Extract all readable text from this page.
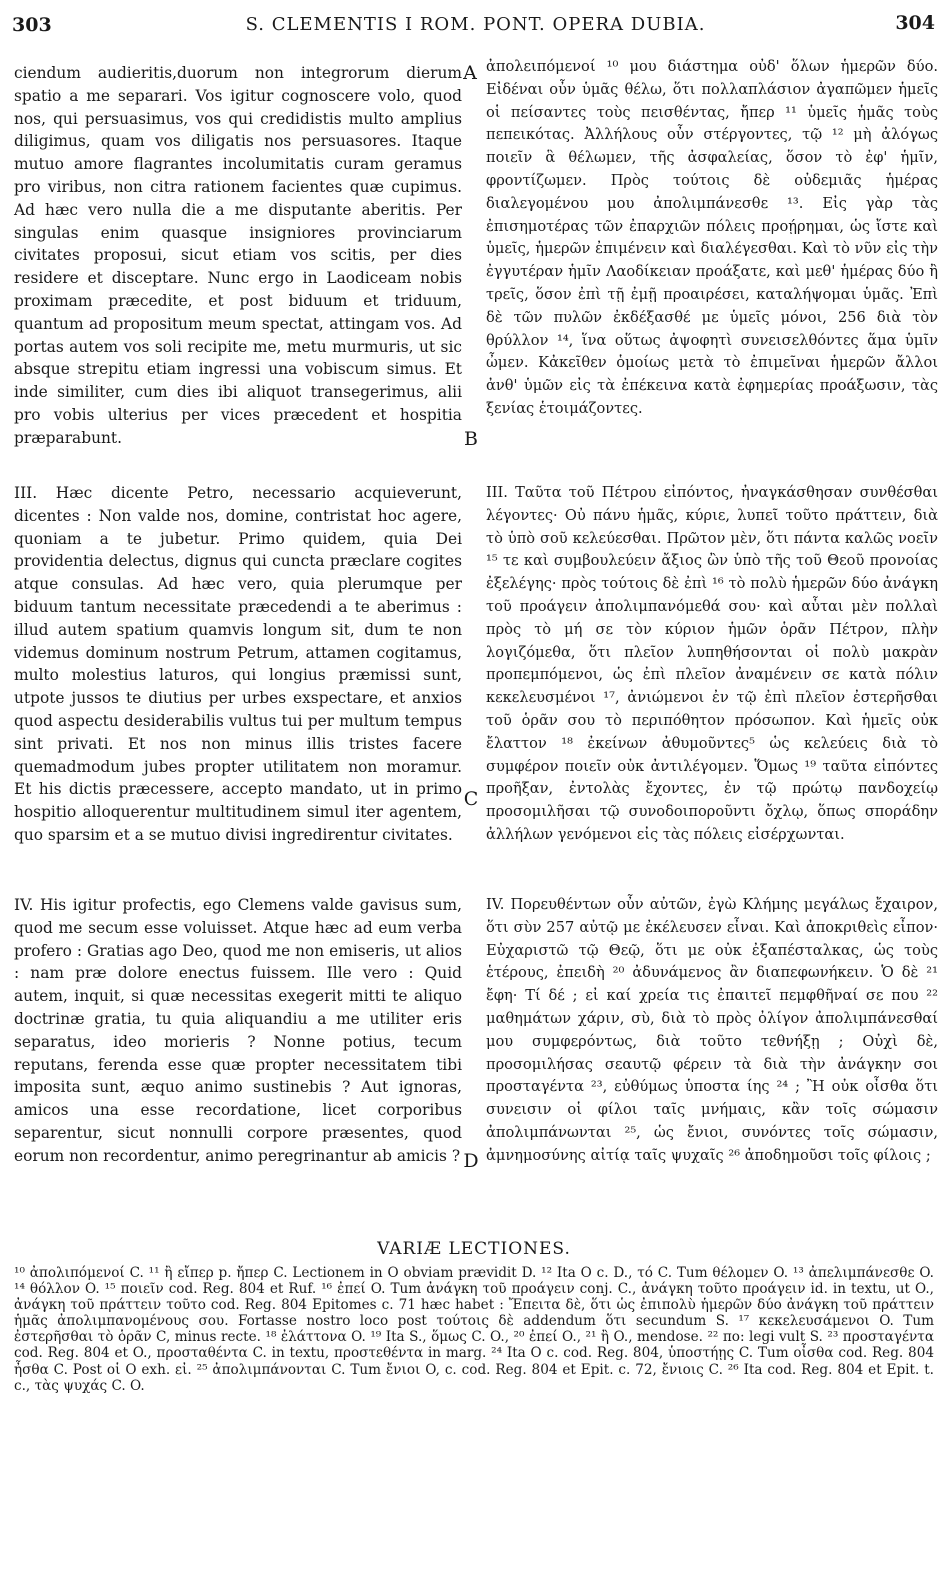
303	S. CLEMENTIS I ROM. PONT. OPERA DUBIA.	304

ciendum audieritis,duorum non integrorum dierum spatio a me separari. Vos igitur cognoscere volo, quod nos, qui persuasimus, vos qui credidistis multo amplius diligimus, quam vos diligatis nos persuasores. Itaque mutuo amore flagrantes incolumitatis curam geramus pro viribus, non citra rationem facientes quæ cupimus. Ad hæc vero nulla die a me disputante aberitis. Per singulas enim quasque insigniores provinciarum civitates proposui, sicut etiam vos scitis, per dies residere et disceptare. Nunc ergo in Laodiceam nobis proximam præcedite, et post biduum et triduum, quantum ad propositum meum spectat, attingam vos. Ad portas autem vos soli recipite me, metu murmuris, ut sic absque strepitu etiam ingressi una vobiscum simus. Et inde similiter, cum dies ibi aliquot transegerimus, alii pro vobis ulterius per vices præcedent et hospitia præparabunt.

III. Hæc dicente Petro, necessario acquieverunt, dicentes : Non valde nos, domine, contristat hoc agere, quoniam a te jubetur. Primo quidem, quia Dei providentia delectus, dignus qui cuncta præclare cogites atque consulas. Ad hæc vero, quia plerumque per biduum tantum necessitate præcedendi a te aberimus : illud autem spatium quamvis longum sit, dum te non videmus dominum nostrum Petrum, attamen cogitamus, multo molestius laturos, qui longius præmissi sunt, utpote jussos te diutius per urbes exspectare, et anxios quod aspectu desiderabilis vultus tui per multum tempus sint privati. Et nos non minus illis tristes facere quemadmodum jubes propter utilitatem non moramur. Et his dictis præcessere, accepto mandato, ut in primo hospitio alloquerentur multitudinem simul iter agentem, quo sparsim et a se mutuo divisi ingredirentur civitates.

IV. His igitur profectis, ego Clemens valde gavisus sum, quod me secum esse voluisset. Atque hæc ad eum verba profero : Gratias ago Deo, quod me non emiseris, ut alios : nam præ dolore enectus fuissem. Ille vero : Quid autem, inquit, si quæ necessitas exegerit mitti te aliquo doctrinæ gratia, tu quia aliquandiu a me utiliter eris separatus, ideo morieris ? Nonne potius, tecum reputans, ferenda esse quæ propter necessitatem tibi imposita sunt, æquo animo sustinebis ? Aut ignoras, amicos una esse recordatione, licet corporibus separentur, sicut nonnulli corpore præsentes, quod eorum non recordentur, animo peregrinantur ab amicis ?

A
B
C
D

ἀπολειπόμενοί ¹⁰ μου διάστημα οὐδ' ὅλων ἡμερῶν δύο. Εἰδέναι οὖν ὑμᾶς θέλω, ὅτι πολλαπλάσιον ἀγαπῶμεν ἡμεῖς οἱ πείσαντες τοὺς πεισθέντας, ἤπερ ¹¹ ὑμεῖς ἡμᾶς τοὺς πεπεικότας. Ἀλλήλους οὖν στέργοντες, τῷ ¹² μὴ ἀλόγως ποιεῖν ἃ θέλωμεν, τῆς ἀσφαλείας, ὅσον τὸ ἐφ' ἡμῖν, φροντίζωμεν. Πρὸς τούτοις δὲ οὐδεμιᾶς ἡμέρας διαλεγομένου μου ἀπολιμπάνεσθε ¹³. Εἰς γὰρ τὰς ἐπισημοτέρας τῶν ἐπαρχιῶν πόλεις προῄρημαι, ὡς ἴστε καὶ ὑμεῖς, ἡμερῶν ἐπιμένειν καὶ διαλέγεσθαι. Καὶ τὸ νῦν εἰς τὴν ἐγγυτέραν ἡμῖν Λαοδίκειαν προάξατε, καὶ μεθ' ἡμέρας δύο ἢ τρεῖς, ὅσον ἐπὶ τῇ ἐμῇ προαιρέσει, καταλήψομαι ὑμᾶς. Ἐπὶ δὲ τῶν πυλῶν ἐκδέξασθέ με ὑμεῖς μόνοι, 256 διὰ τὸν θρύλλον ¹⁴, ἵνα οὕτως ἀψοφητὶ συνεισελθόντες ἅμα ὑμῖν ὦμεν. Κἀκεῖθεν ὁμοίως μετὰ τὸ ἐπιμεῖναι ἡμερῶν ἄλλοι ἀνθ' ὑμῶν εἰς τὰ ἐπέκεινα κατὰ ἐφημερίας προάξωσιν, τὰς ξενίας ἑτοιμάζοντες.

III. Ταῦτα τοῦ Πέτρου εἰπόντος, ἠναγκάσθησαν συνθέσθαι λέγοντες· Οὐ πάνυ ἡμᾶς, κύριε, λυπεῖ τοῦτο πράττειν, διὰ τὸ ὑπὸ σοῦ κελεύεσθαι. Πρῶτον μὲν, ὅτι πάντα καλῶς νοεῖν ¹⁵ τε καὶ συμβουλεύειν ἄξιος ὢν ὑπὸ τῆς τοῦ Θεοῦ προνοίας ἐξελέγης· πρὸς τούτοις δὲ ἐπὶ ¹⁶ τὸ πολὺ ἡμερῶν δύο ἀνάγκη τοῦ προάγειν ἀπολιμπανόμεθά σου· καὶ αὗται μὲν πολλαὶ πρὸς τὸ μή σε τὸν κύριον ἡμῶν ὁρᾶν Πέτρον, πλὴν λογιζόμεθα, ὅτι πλεῖον λυπηθήσονται οἱ πολὺ μακρὰν προπεμπόμενοι, ὡς ἐπὶ πλεῖον ἀναμένειν σε κατὰ πόλιν κεκελευσμένοι ¹⁷, ἀνιώμενοι ἐν τῷ ἐπὶ πλεῖον ἐστερῆσθαι τοῦ ὁρᾶν σου τὸ περιπόθητον πρόσωπον. Καὶ ἡμεῖς οὐκ ἔλαττον ¹⁸ ἐκείνων ἀθυμοῦντες⁵ ὡς κελεύεις διὰ τὸ συμφέρον ποιεῖν οὐκ ἀντιλέγομεν. Ὅμως ¹⁹ ταῦτα εἰπόντες προῆξαν, ἐντολὰς ἔχοντες, ἐν τῷ πρώτῳ πανδοχείῳ προσομιλῆσαι τῷ συνοδοιποροῦντι ὄχλῳ, ὅπως σποράδην ἀλλήλων γενόμενοι εἰς τὰς πόλεις εἰσέρχωνται.

IV. Πορευθέντων οὖν αὐτῶν, ἐγὼ Κλήμης μεγάλως ἔχαιρον, ὅτι σὺν 257 αὐτῷ με ἐκέλευσεν εἶναι. Καὶ ἀποκριθεὶς εἶπον· Εὐχαριστῶ τῷ Θεῷ, ὅτι με οὐκ ἐξαπέσταλκας, ὡς τοὺς ἑτέρους, ἐπειδὴ ²⁰ ἀδυνάμενος ἂν διαπεφωνήκειν. Ὁ δὲ ²¹ ἔφη· Τί δέ ; εἰ καί χρεία τις ἐπαιτεῖ πεμφθῆναί σε που ²² μαθημάτων χάριν, σὺ, διὰ τὸ πρὸς ὀλίγον ἀπολιμπάνεσθαί μου συμφερόντως, διὰ τοῦτο τεθνήξῃ ; Οὐχὶ δὲ, προσομιλήσας σεαυτῷ φέρειν τὰ διὰ τὴν ἀνάγκην σοι προσταγέντα ²³, εὐθύμως ὑποστα ίης ²⁴ ; Ἢ οὐκ οἶσθα ὅτι συνεισιν οἱ φίλοι ταῖς μνήμαις, κἂν τοῖς σώμασιν ἀπολιμπάνωνται ²⁵, ὡς ἔνιοι, συνόντες τοῖς σώμασιν, ἀμνημοσύνης αἰτίᾳ ταῖς ψυχαῖς ²⁶ ἀποδημοῦσι τοῖς φίλοις ;

VARIÆ LECTIONES.

¹⁰ ἀπολιπόμενοί C. ¹¹ ἢ εἴπερ p. ἤπερ C. Lectionem in O obviam prævidit D. ¹² Ita O c. D., τό C. Tum θέλομεν O. ¹³ ἀπελιμπάνεσθε O. ¹⁴ θόλλον O. ¹⁵ ποιεῖν cod. Reg. 804 et Ruf. ¹⁶ ἐπεί O. Tum ἀνάγκη τοῦ προάγειν conj. C., ἀνάγκη τοῦτο προάγειν id. in textu, ut O., ἀνάγκη τοῦ πράττειν τοῦτο cod. Reg. 804 Epitomes c. 71 hæc habet : Ἔπειτα δὲ, ὅτι ὡς ἐπιπολὺ ἡμερῶν δύο ἀνάγκη τοῦ πράττειν ἡμᾶς ἀπολιμπανομένους σου. Fortasse nostro loco post τούτοις δὲ addendum ὅτι secundum S. ¹⁷ κεκελευσάμενοι O. Tum ἐστερῆσθαι τὸ ὁρᾶν C, minus recte. ¹⁸ ἐλάττονα O. ¹⁹ Ita S., ὅμως C. O., ²⁰ ἐπεί O., ²¹ ἢ O., mendose. ²² πο: legi vult S. ²³ προσταγέντα cod. Reg. 804 et O., προσταθέντα C. in textu, προστεθέντα in marg. ²⁴ Ita O c. cod. Reg. 804, ὑποστήῃς C. Tum οἶσθα cod. Reg. 804 ἦσθα C. Post οἱ O exh. εἰ. ²⁵ ἀπολιμπάνονται C. Tum ἔνιοι O, c. cod. Reg. 804 et Epit. c. 72, ἔνιοις C. ²⁶ Ita cod. Reg. 804 et Epit. t. c., τὰς ψυχάς C. O.
